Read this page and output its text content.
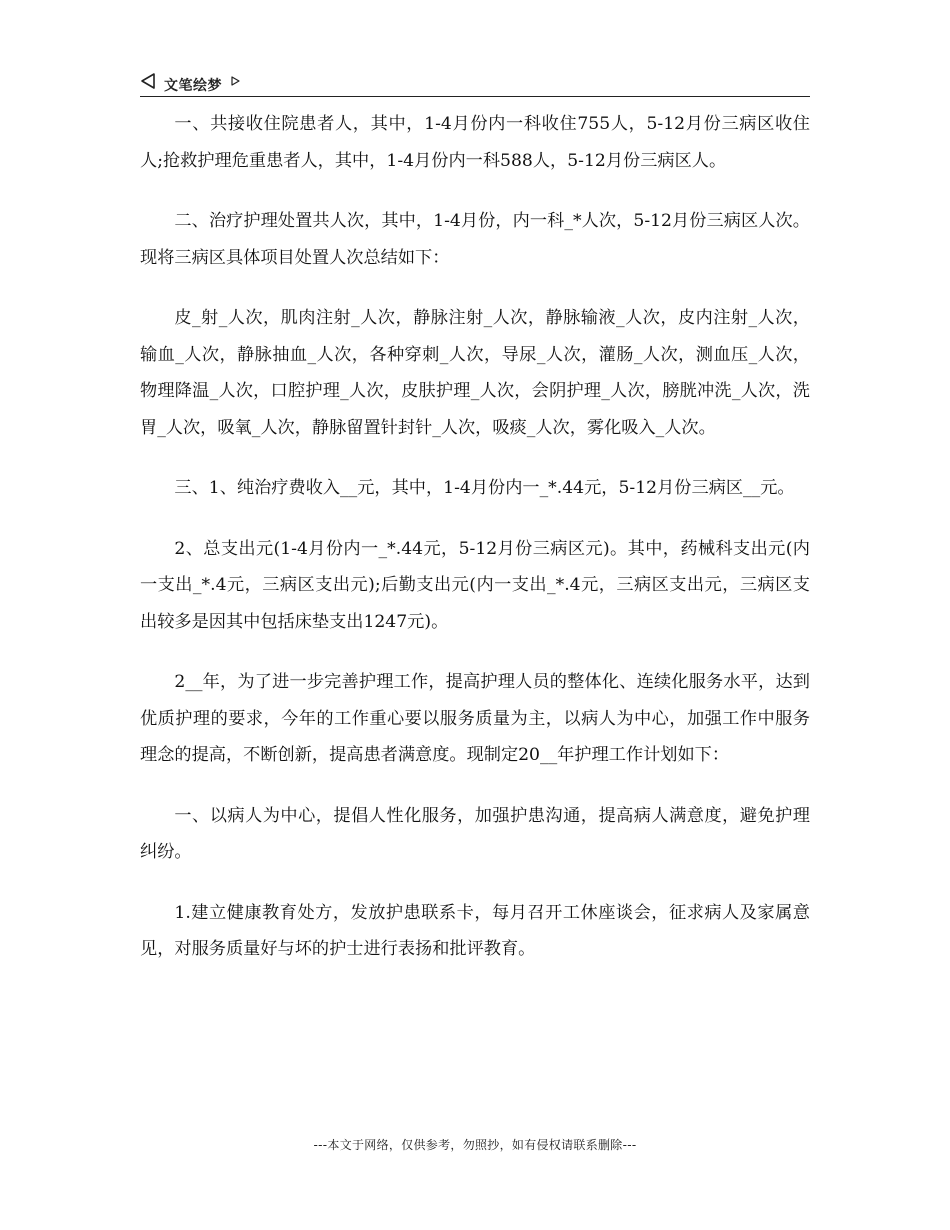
文笔绘梦

一、共接收住院患者人，其中，1-4月份内一科收住755人，5-12月份三病区收住人;抢救护理危重患者人，其中，1-4月份内一科588人，5-12月份三病区人。

二、治疗护理处置共人次，其中，1-4月份，内一科_*人次，5-12月份三病区人次。现将三病区具体项目处置人次总结如下：

皮_射_人次，肌肉注射_人次，静脉注射_人次，静脉输液_人次，皮内注射_人次，输血_人次，静脉抽血_人次，各种穿刺_人次，导尿_人次，灌肠_人次，测血压_人次，物理降温_人次，口腔护理_人次，皮肤护理_人次，会阴护理_人次，膀胱冲洗_人次，洗胃_人次，吸氧_人次，静脉留置针封针_人次，吸痰_人次，雾化吸入_人次。

三、1、纯治疗费收入__元，其中，1-4月份内一_*.44元，5-12月份三病区__元。

2、总支出元(1-4月份内一_*.44元，5-12月份三病区元)。其中，药械科支出元(内一支出_*.4元，三病区支出元);后勤支出元(内一支出_*.4元，三病区支出元，三病区支出较多是因其中包括床垫支出1247元)。

2__年，为了进一步完善护理工作，提高护理人员的整体化、连续化服务水平，达到优质护理的要求，今年的工作重心要以服务质量为主，以病人为中心，加强工作中服务理念的提高，不断创新，提高患者满意度。现制定20__年护理工作计划如下：

一、以病人为中心，提倡人性化服务，加强护患沟通，提高病人满意度，避免护理纠纷。

1.建立健康教育处方，发放护患联系卡，每月召开工休座谈会，征求病人及家属意见，对服务质量好与坏的护士进行表扬和批评教育。

---本文于网络，仅供参考，勿照抄，如有侵权请联系删除---
